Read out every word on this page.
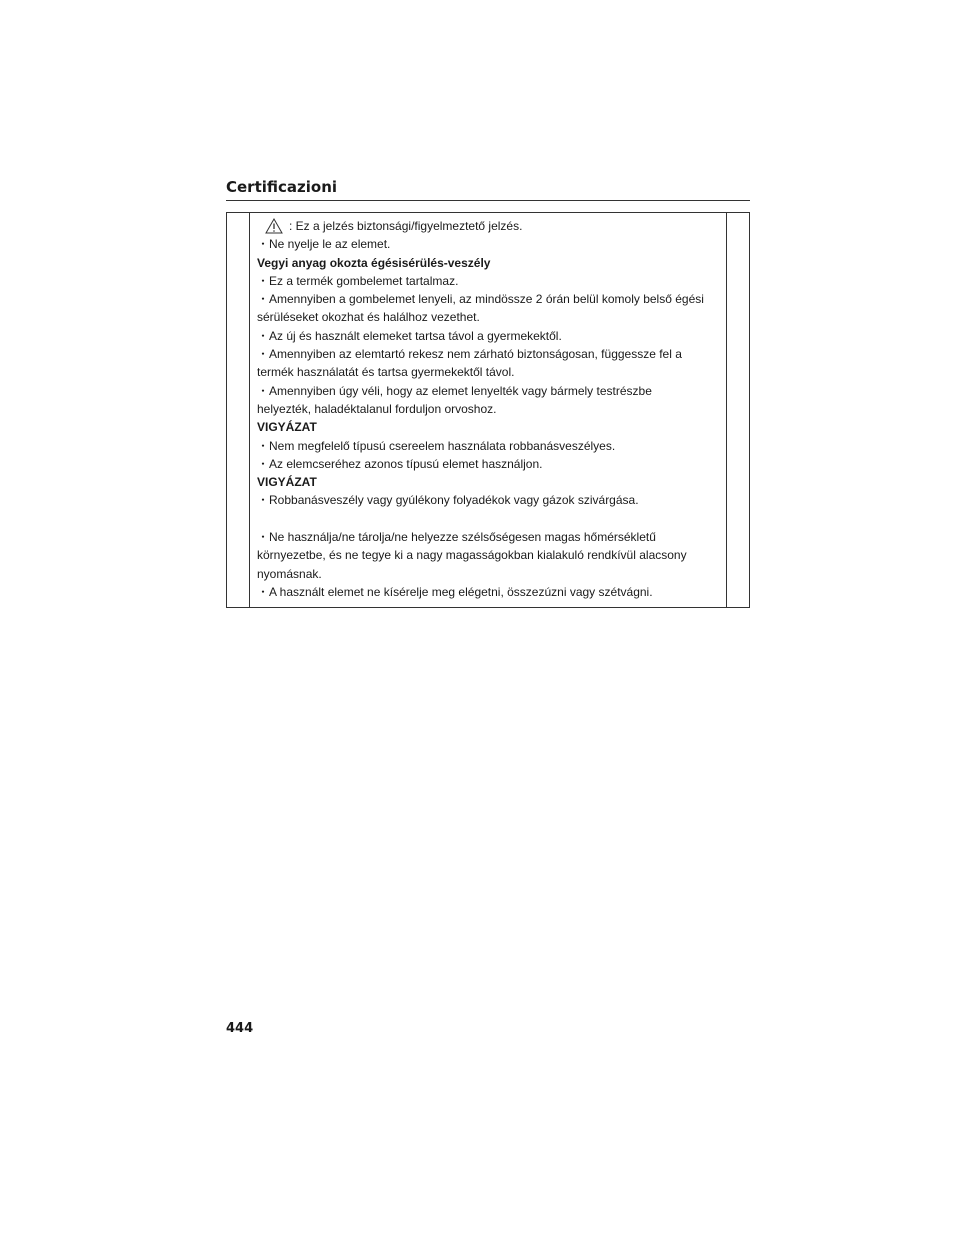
Certificazioni
: Ez a jelzés biztonsági/figyelmeztető jelzés.
・Ne nyelje le az elemet.
Vegyi anyag okozta égésisérülés-veszély
・Ez a termék gombelemet tartalmaz.
・Amennyiben a gombelemet lenyeli, az mindössze 2 órán belül komoly belső égési
sérüléseket okozhat és halálhoz vezethet.
・Az új és használt elemeket tartsa távol a gyermekektől.
・Amennyiben az elemtartó rekesz nem zárható biztonságosan, függessze fel a
termék használatát és tartsa gyermekektől távol.
・Amennyiben úgy véli, hogy az elemet lenyelték vagy bármely testrészbe
helyezték, haladéktalanul forduljon orvoshoz.
VIGYÁZAT
・Nem megfelelő típusú csereelem használata robbanásveszélyes.
・Az elemcseréhez azonos típusú elemet használjon.
VIGYÁZAT
・Robbanásveszély vagy gyúlékony folyadékok vagy gázok szivárgása.
・Ne használja/ne tárolja/ne helyezze szélsőségesen magas hőmérsékletű
környezetbe, és ne tegye ki a nagy magasságokban kialakuló rendkívül alacsony
nyomásnak.
・A használt elemet ne kísérelje meg elégetni, összezúzni vagy szétvágni.
444
